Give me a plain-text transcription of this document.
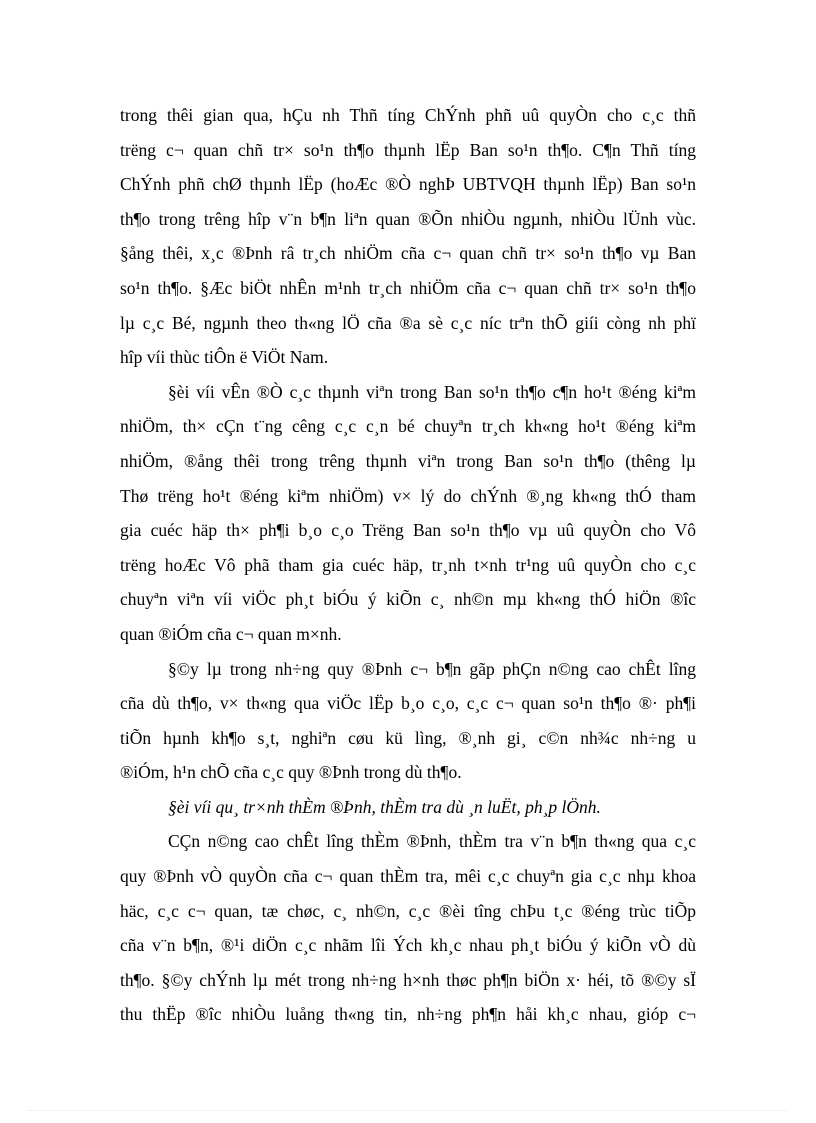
trong thêi gian qua, hÇu nh Thñ tíng ChÝnh phñ uû quyÒn cho c¸c thñ
trëng c¬ quan chñ tr× so¹n th¶o thµnh lËp Ban so¹n th¶o. C¶n Thñ tíng
ChÝnh phñ chØ thµnh lËp (hoÆc ®Ò nghÞ UBTVQH thµnh lËp) Ban so¹n
th¶o trong trêng hîp v¨n b¶n liªn quan ®Õn nhiÒu ngµnh, nhiÒu lÜnh vùc.
§ång thêi, x¸c ®Þnh râ tr¸ch nhiÖm cña c¬ quan chñ tr× so¹n th¶o vµ Ban
so¹n th¶o. §Æc biÖt nhÊn m¹nh tr¸ch nhiÖm cña c¬ quan chñ tr× so¹n th¶o
lµ c¸c Bé, ngµnh theo th«ng lÖ cña ®a sè c¸c níc trªn thÕ giíi còng nh phï
hîp víi thùc tiÔn ë ViÖt Nam.
§èi víi vÊn ®Ò c¸c thµnh viªn trong Ban so¹n th¶o c¶n ho¹t ®éng kiªm
nhiÖm, th× cÇn t¨ng cêng c¸c c¸n bé chuyªn tr¸ch kh«ng ho¹t ®éng kiªm
nhiÖm, ®ång thêi trong trêng thµnh viªn trong Ban so¹n th¶o (thêng lµ
Thø trëng ho¹t ®éng kiªm nhiÖm) v× lý do chÝnh ®¸ng kh«ng thÓ tham
gia cuéc häp th× ph¶i b¸o c¸o Trëng Ban so¹n th¶o vµ uû quyÒn cho Vô
trëng hoÆc Vô phã tham gia cuéc häp, tr¸nh t×nh tr¹ng uû quyÒn cho c¸c
chuyªn viªn víi viÖc ph¸t biÓu ý kiÕn c¸ nh©n mµ kh«ng thÓ hiÖn ®îc
quan ®iÓm cña c¬ quan m×nh.
§©y lµ trong nh÷ng quy ®Þnh c¬ b¶n gãp phÇn n©ng cao chÊt lîng
cña dù th¶o, v× th«ng qua viÖc lËp b¸o c¸o, c¸c c¬ quan so¹n th¶o ®· ph¶i
tiÕn hµnh kh¶o s¸t, nghiªn cøu kü lìng, ®¸nh gi¸ c©n nh¾c nh÷ng u
®iÓm, h¹n chÕ cña c¸c quy ®Þnh trong dù th¶o.
§èi víi qu¸ tr×nh thÈm ®Þnh, thÈm tra dù ¸n luËt, ph¸p lÖnh.
CÇn n©ng cao chÊt lîng thÈm ®Þnh, thÈm tra v¨n b¶n th«ng qua c¸c
quy ®Þnh vÒ quyÒn cña c¬ quan thÈm tra, mêi c¸c chuyªn gia c¸c nhµ khoa
häc, c¸c c¬ quan, tæ chøc, c¸ nh©n, c¸c ®èi tîng chÞu t¸c ®éng trùc tiÕp
cña v¨n b¶n, ®¹i diÖn c¸c nhãm lîi Ých kh¸c nhau ph¸t biÓu ý kiÕn vÒ dù
th¶o. §©y chÝnh lµ mét trong nh÷ng h×nh thøc ph¶n biÖn x· héi, tõ ®©y sÏ
thu thËp ®îc nhiÒu luång th«ng tin, nh÷ng ph¶n håi kh¸c nhau, gióp c¬
